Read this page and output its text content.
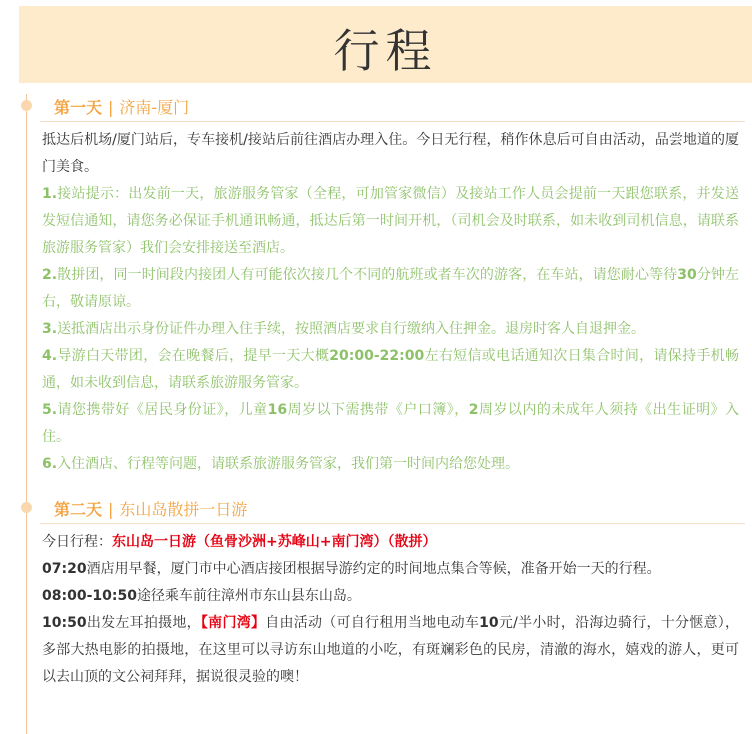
行程
第一天 | 济南-厦门

抵达后机场/厦门站后，专车接机/接站后前往酒店办理入住。今日无行程，稍作休息后可自由活动，品尝地道的厦门美食。

1.接站提示：出发前一天，旅游服务管家（全程，可加管家微信）及接站工作人员会提前一天跟您联系，并发送发短信通知，请您务必保证手机通讯畅通，抵达后第一时间开机，（司机会及时联系，如未收到司机信息，请联系旅游服务管家）我们会安排接送至酒店。

2.散拼团，同一时间段内接团人有可能依次接几个不同的航班或者车次的游客，在车站，请您耐心等待30分钟左右，敬请原谅。

3.送抵酒店出示身份证件办理入住手续，按照酒店要求自行缴纳入住押金。退房时客人自退押金。

4.导游白天带团，会在晚餐后，提早一天大概20:00-22:00左右短信或电话通知次日集合时间，请保持手机畅通，如未收到信息，请联系旅游服务管家。

5.请您携带好《居民身份证》，儿童16周岁以下需携带《户口簿》，2周岁以内的未成年人须持《出生证明》入住。

6.入住酒店、行程等问题，请联系旅游服务管家，我们第一时间内给您处理。

第二天 | 东山岛散拼一日游

今日行程：东山岛一日游（鱼骨沙洲+苏峰山+南门湾）（散拼）

07:20酒店用早餐，厦门市中心酒店接团根据导游约定的时间地点集合等候，准备开始一天的行程。

08:00-10:50途径乘车前往漳州市东山县东山岛。

10:50出发左耳拍摄地，【南门湾】自由活动（可自行租用当地电动车10元/半小时，沿海边骑行，十分惬意），多部大热电影的拍摄地，在这里可以寻访东山地道的小吃，有斑斓彩色的民房，清澈的海水，嬉戏的游人，更可以去山顶的文公祠拜拜，据说很灵验的噢！
